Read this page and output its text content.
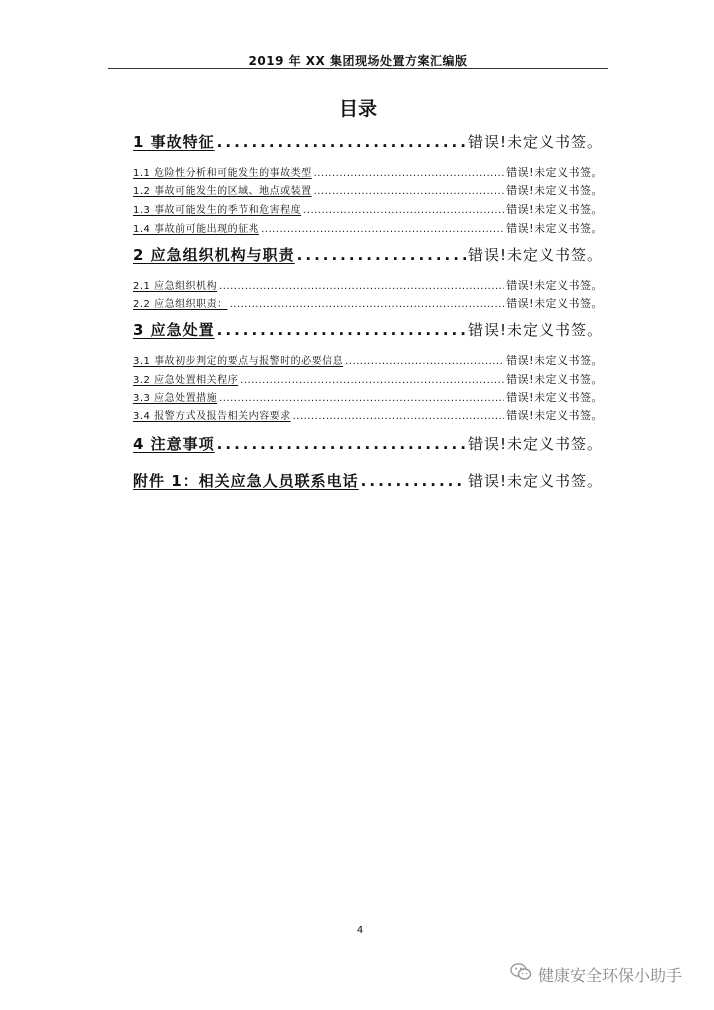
2019 年 XX 集团现场处置方案汇编版
目录
1 事故特征 .....	错误!未定义书签。
1.1 危险性分析和可能发生的事故类型 .....	错误!未定义书签。
1.2 事故可能发生的区域、地点或装置 .....	错误!未定义书签。
1.3 事故可能发生的季节和危害程度 .....	错误!未定义书签。
1.4 事故前可能出现的征兆 .....	错误!未定义书签。
2 应急组织机构与职责 .....	错误!未定义书签。
2.1 应急组织机构 .....	错误!未定义书签。
2.2 应急组织职责： .....	错误!未定义书签。
3 应急处置 .....	错误!未定义书签。
3.1 事故初步判定的要点与报警时的必要信息 .....	错误!未定义书签。
3.2 应急处置相关程序 .....	错误!未定义书签。
3.3 应急处置措施 .....	错误!未定义书签。
3.4 报警方式及报告相关内容要求 .....	错误!未定义书签。
4 注意事项 .....	错误!未定义书签。
附件 1：相关应急人员联系电话 .....	错误!未定义书签。
4
健康安全环保小助手
